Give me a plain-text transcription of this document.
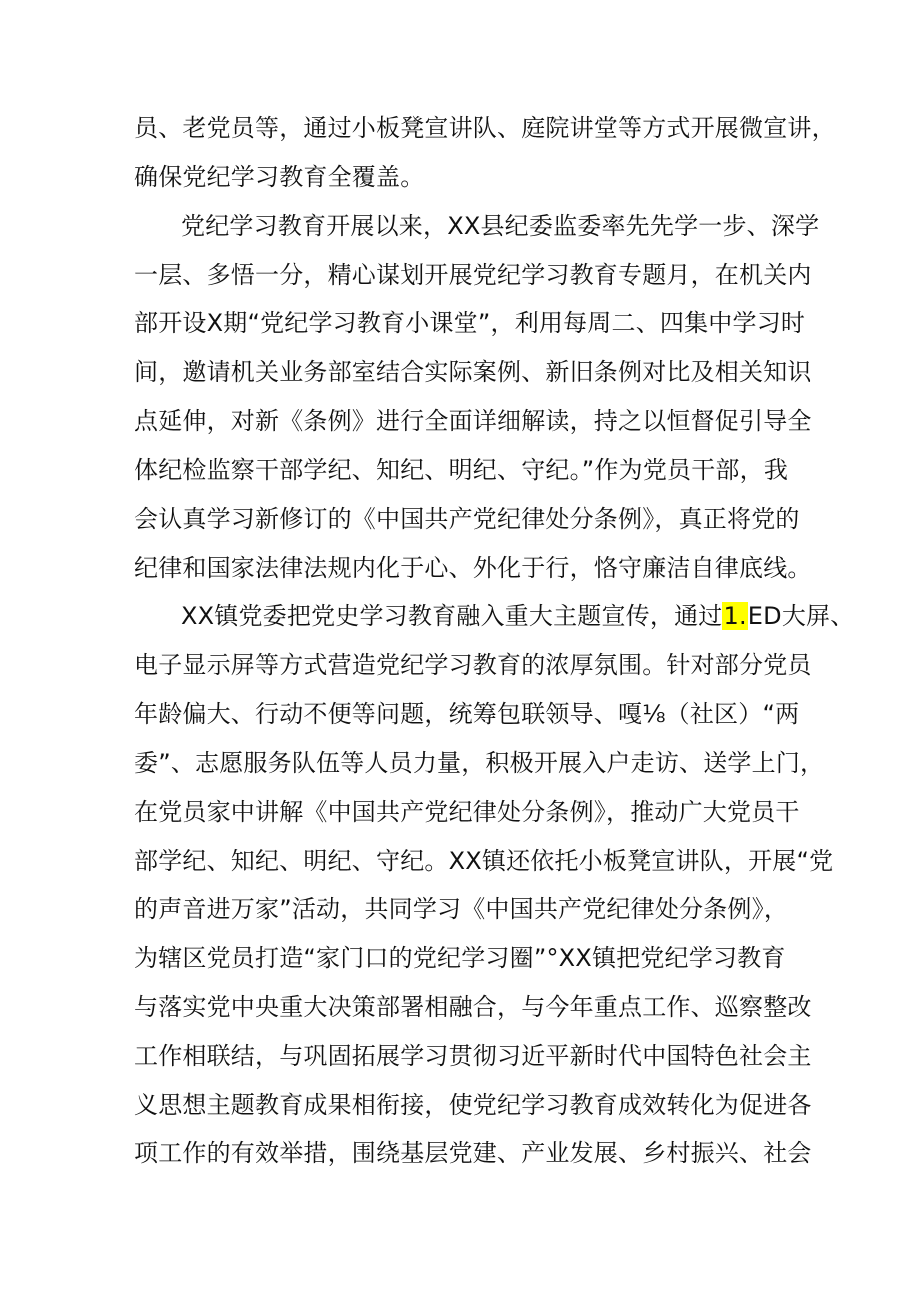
员、老党员等，通过小板凳宣讲队、庭院讲堂等方式开展微宣讲，
确保党纪学习教育全覆盖。
党纪学习教育开展以来，XX县纪委监委率先先学一步、深学
一层、多悟一分，精心谋划开展党纪学习教育专题月，在机关内
部开设X期“党纪学习教育小课堂”，利用每周二、四集中学习时
间，邀请机关业务部室结合实际案例、新旧条例对比及相关知识
点延伸，对新《条例》进行全面详细解读，持之以恒督促引导全
体纪检监察干部学纪、知纪、明纪、守纪。”作为党员干部，我
会认真学习新修订的《中国共产党纪律处分条例》，真正将党的
纪律和国家法律法规内化于心、外化于行，恪守廉洁自律底线。
XX镇党委把党史学习教育融入重大主题宣传，通过1.ED大屏、
电子显示屏等方式营造党纪学习教育的浓厚氛围。针对部分党员
年龄偏大、行动不便等问题，统筹包联领导、嘎⅛（社区）“两
委”、志愿服务队伍等人员力量，积极开展入户走访、送学上门，
在党员家中讲解《中国共产党纪律处分条例》，推动广大党员干
部学纪、知纪、明纪、守纪。XX镇还依托小板凳宣讲队，开展“党
的声音进万家”活动，共同学习《中国共产党纪律处分条例》，
为辖区党员打造“家门口的党纪学习圈”°XX镇把党纪学习教育
与落实党中央重大决策部署相融合，与今年重点工作、巡察整改
工作相联结，与巩固拓展学习贯彻习近平新时代中国特色社会主
义思想主题教育成果相衔接，使党纪学习教育成效转化为促进各
项工作的有效举措，围绕基层党建、产业发展、乡村振兴、社会
